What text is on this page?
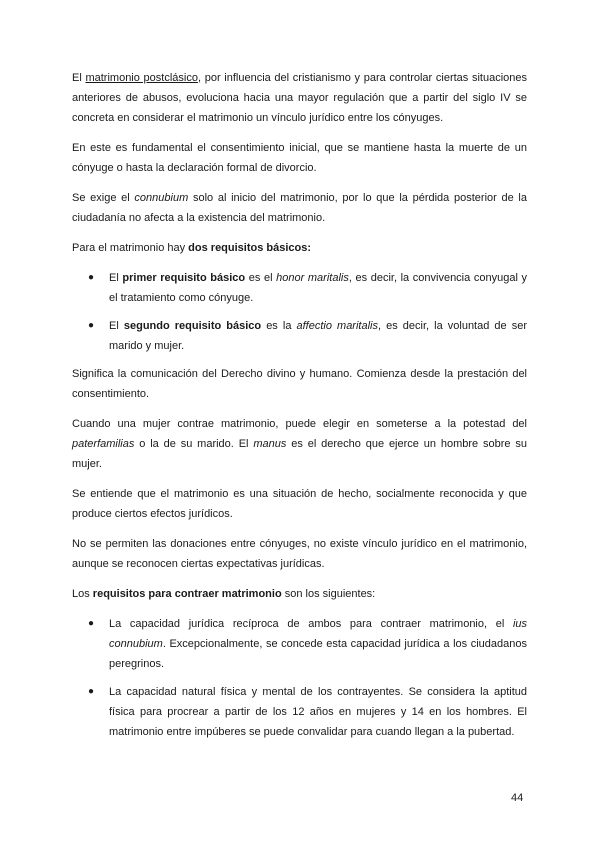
El matrimonio postclásico, por influencia del cristianismo y para controlar ciertas situaciones anteriores de abusos, evoluciona hacia una mayor regulación que a partir del siglo IV se concreta en considerar el matrimonio un vínculo jurídico entre los cónyuges.

En este es fundamental el consentimiento inicial, que se mantiene hasta la muerte de un cónyuge o hasta la declaración formal de divorcio.

Se exige el connubium solo al inicio del matrimonio, por lo que la pérdida posterior de la ciudadanía no afecta a la existencia del matrimonio.

Para el matrimonio hay dos requisitos básicos:

● El primer requisito básico es el honor maritalis, es decir, la convivencia conyugal y el tratamiento como cónyuge.
● El segundo requisito básico es la affectio maritalis, es decir, la voluntad de ser marido y mujer.

Significa la comunicación del Derecho divino y humano. Comienza desde la prestación del consentimiento.

Cuando una mujer contrae matrimonio, puede elegir en someterse a la potestad del paterfamilias o la de su marido. El manus es el derecho que ejerce un hombre sobre su mujer.

Se entiende que el matrimonio es una situación de hecho, socialmente reconocida y que produce ciertos efectos jurídicos.

No se permiten las donaciones entre cónyuges, no existe vínculo jurídico en el matrimonio, aunque se reconocen ciertas expectativas jurídicas.

Los requisitos para contraer matrimonio son los siguientes:

● La capacidad jurídica recíproca de ambos para contraer matrimonio, el ius connubium. Excepcionalmente, se concede esta capacidad jurídica a los ciudadanos peregrinos.
● La capacidad natural física y mental de los contrayentes. Se considera la aptitud física para procrear a partir de los 12 años en mujeres y 14 en los hombres. El matrimonio entre impúberes se puede convalidar para cuando llegan a la pubertad.
44
